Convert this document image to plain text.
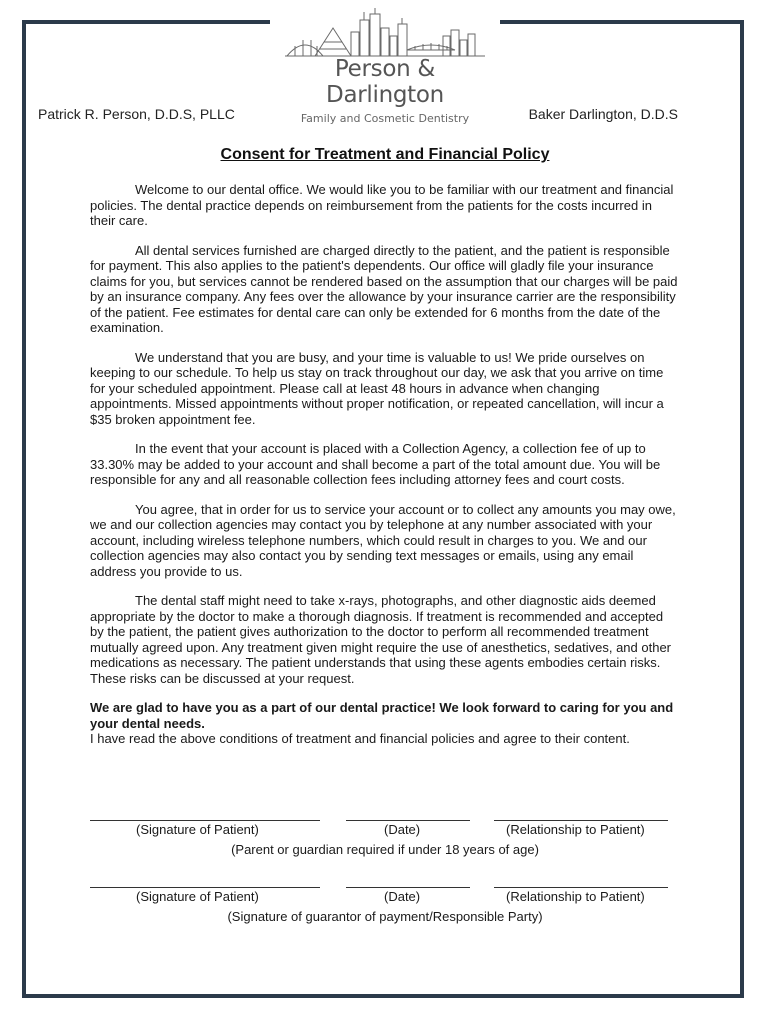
Person & Darlington
Family and Cosmetic Dentistry
Patrick R. Person, D.D.S, PLLC	Baker Darlington, D.D.S
Consent for Treatment and Financial Policy

Welcome to our dental office. We would like you to be familiar with our treatment and financial policies. The dental practice depends on reimbursement from the patients for the costs incurred in their care.

All dental services furnished are charged directly to the patient, and the patient is responsible for payment. This also applies to the patient's dependents. Our office will gladly file your insurance claims for you, but services cannot be rendered based on the assumption that our charges will be paid by an insurance company. Any fees over the allowance by your insurance carrier are the responsibility of the patient. Fee estimates for dental care can only be extended for 6 months from the date of the examination.

We understand that you are busy, and your time is valuable to us! We pride ourselves on keeping to our schedule. To help us stay on track throughout our day, we ask that you arrive on time for your scheduled appointment. Please call at least 48 hours in advance when changing appointments. Missed appointments without proper notification, or repeated cancellation, will incur a $35 broken appointment fee.

In the event that your account is placed with a Collection Agency, a collection fee of up to 33.30% may be added to your account and shall become a part of the total amount due. You will be responsible for any and all reasonable collection fees including attorney fees and court costs.

You agree, that in order for us to service your account or to collect any amounts you may owe, we and our collection agencies may contact you by telephone at any number associated with your account, including wireless telephone numbers, which could result in charges to you. We and our collection agencies may also contact you by sending text messages or emails, using any email address you provide to us.

The dental staff might need to take x-rays, photographs, and other diagnostic aids deemed appropriate by the doctor to make a thorough diagnosis. If treatment is recommended and accepted by the patient, the patient gives authorization to the doctor to perform all recommended treatment mutually agreed upon. Any treatment given might require the use of anesthetics, sedatives, and other medications as necessary. The patient understands that using these agents embodies certain risks. These risks can be discussed at your request.

We are glad to have you as a part of our dental practice! We look forward to caring for you and your dental needs.
I have read the above conditions of treatment and financial policies and agree to their content.
(Signature of Patient)	(Date)	(Relationship to Patient)
(Parent or guardian required if under 18 years of age)
(Signature of Patient)	(Date)	(Relationship to Patient)
(Signature of guarantor of payment/Responsible Party)
